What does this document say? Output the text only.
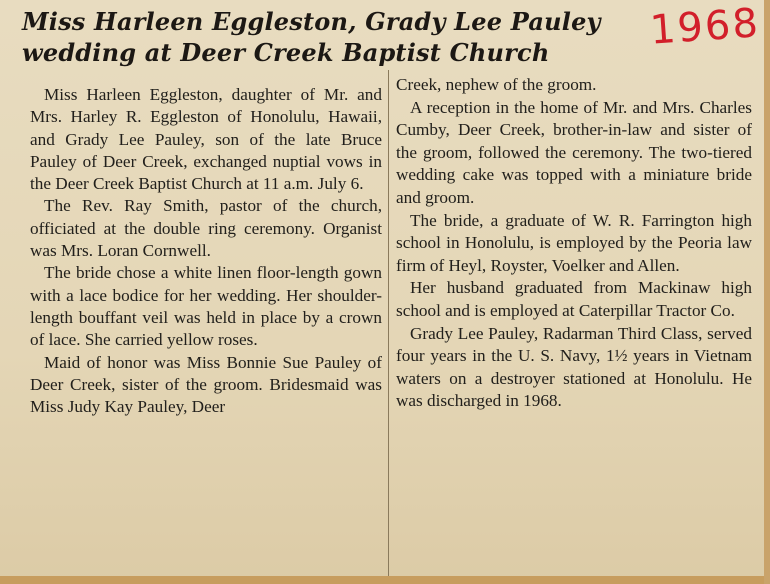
Miss Harleen Eggleston, Grady Lee Pauley
wedding at Deer Creek Baptist Church	1968

Miss Harleen Eggleston, daughter of Mr. and Mrs. Harley R. Eggleston of Honolulu, Hawaii, and Grady Lee Pauley, son of the late Bruce Pauley of Deer Creek, exchanged nuptial vows in the Deer Creek Baptist Church at 11 a.m. July 6.

The Rev. Ray Smith, pastor of the church, officiated at the double ring ceremony. Organist was Mrs. Loran Cornwell.

The bride chose a white linen floor-length gown with a lace bodice for her wedding. Her shoulder-length bouffant veil was held in place by a crown of lace. She carried yellow roses.

Maid of honor was Miss Bonnie Sue Pauley of Deer Creek, sister of the groom. Bridesmaid was Miss Judy Kay Pauley, Deer

Creek, nephew of the groom.

A reception in the home of Mr. and Mrs. Charles Cumby, Deer Creek, brother-in-law and sister of the groom, followed the ceremony. The two-tiered wedding cake was topped with a miniature bride and groom.

The bride, a graduate of W. R. Farrington high school in Honolulu, is employed by the Peoria law firm of Heyl, Royster, Voelker and Allen.

Her husband graduated from Mackinaw high school and is employed at Caterpillar Tractor Co.

Grady Lee Pauley, Radarman Third Class, served four years in the U. S. Navy, 1½ years in Vietnam waters on a destroyer stationed at Honolulu. He was discharged in 1968.
